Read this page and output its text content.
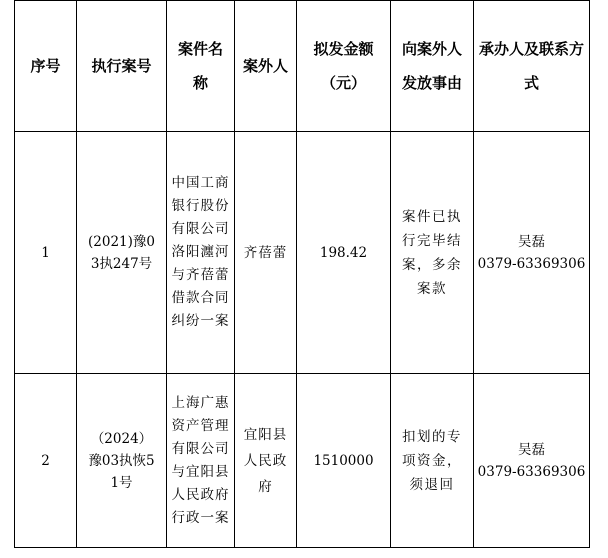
序号	执行案号	案件名称	案外人	拟发金额（元）	向案外人发放事由	承办人及联系方式
1	(2021)豫03执247号	中国工商银行股份有限公司洛阳瀍河与齐蓓蕾借款合同纠纷一案	齐蓓蕾	198.42	案件已执行完毕结案，多余案款	吴磊
0379-63369306

2	（2024）豫03执恢51号	上海广惠资产管理有限公司与宜阳县人民政府行政一案	宜阳县人民政府	1510000	扣划的专项资金，须退回	吴磊
0379-63369306
